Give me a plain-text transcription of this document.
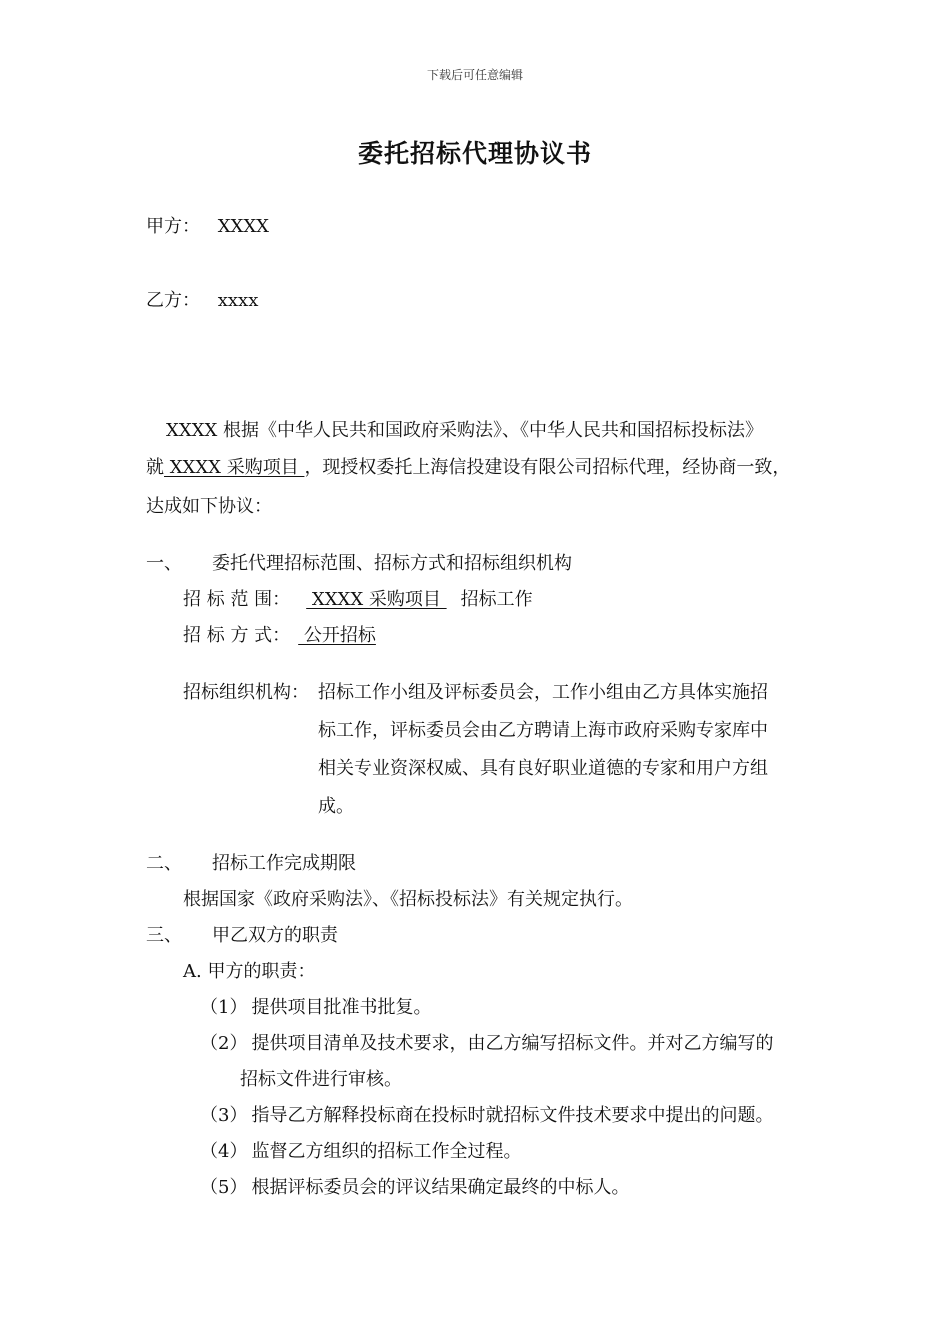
下载后可任意编辑
委托招标代理协议书
甲方： XXXX
乙方： xxxx
XXXX 根据《中华人民共和国政府采购法》、《中华人民共和国招标投标法》
就 XXXX 采购项目 ，现授权委托上海信投建设有限公司招标代理，经协商一致，
达成如下协议：
一、 委托代理招标范围、招标方式和招标组织机构
招 标 范 围： XXXX 采购项目 招标工作
招 标 方 式： 公开招标
招标组织机构： 招标工作小组及评标委员会，工作小组由乙方具体实施招
标工作，评标委员会由乙方聘请上海市政府采购专家库中
相关专业资深权威、具有良好职业道德的专家和用户方组
成。
二、 招标工作完成期限
根据国家《政府采购法》、《招标投标法》有关规定执行。
三、 甲乙双方的职责
A. 甲方的职责：
（1） 提供项目批准书批复。
（2） 提供项目清单及技术要求，由乙方编写招标文件。并对乙方编写的
招标文件进行审核。
（3） 指导乙方解释投标商在投标时就招标文件技术要求中提出的问题。
（4） 监督乙方组织的招标工作全过程。
（5） 根据评标委员会的评议结果确定最终的中标人。
